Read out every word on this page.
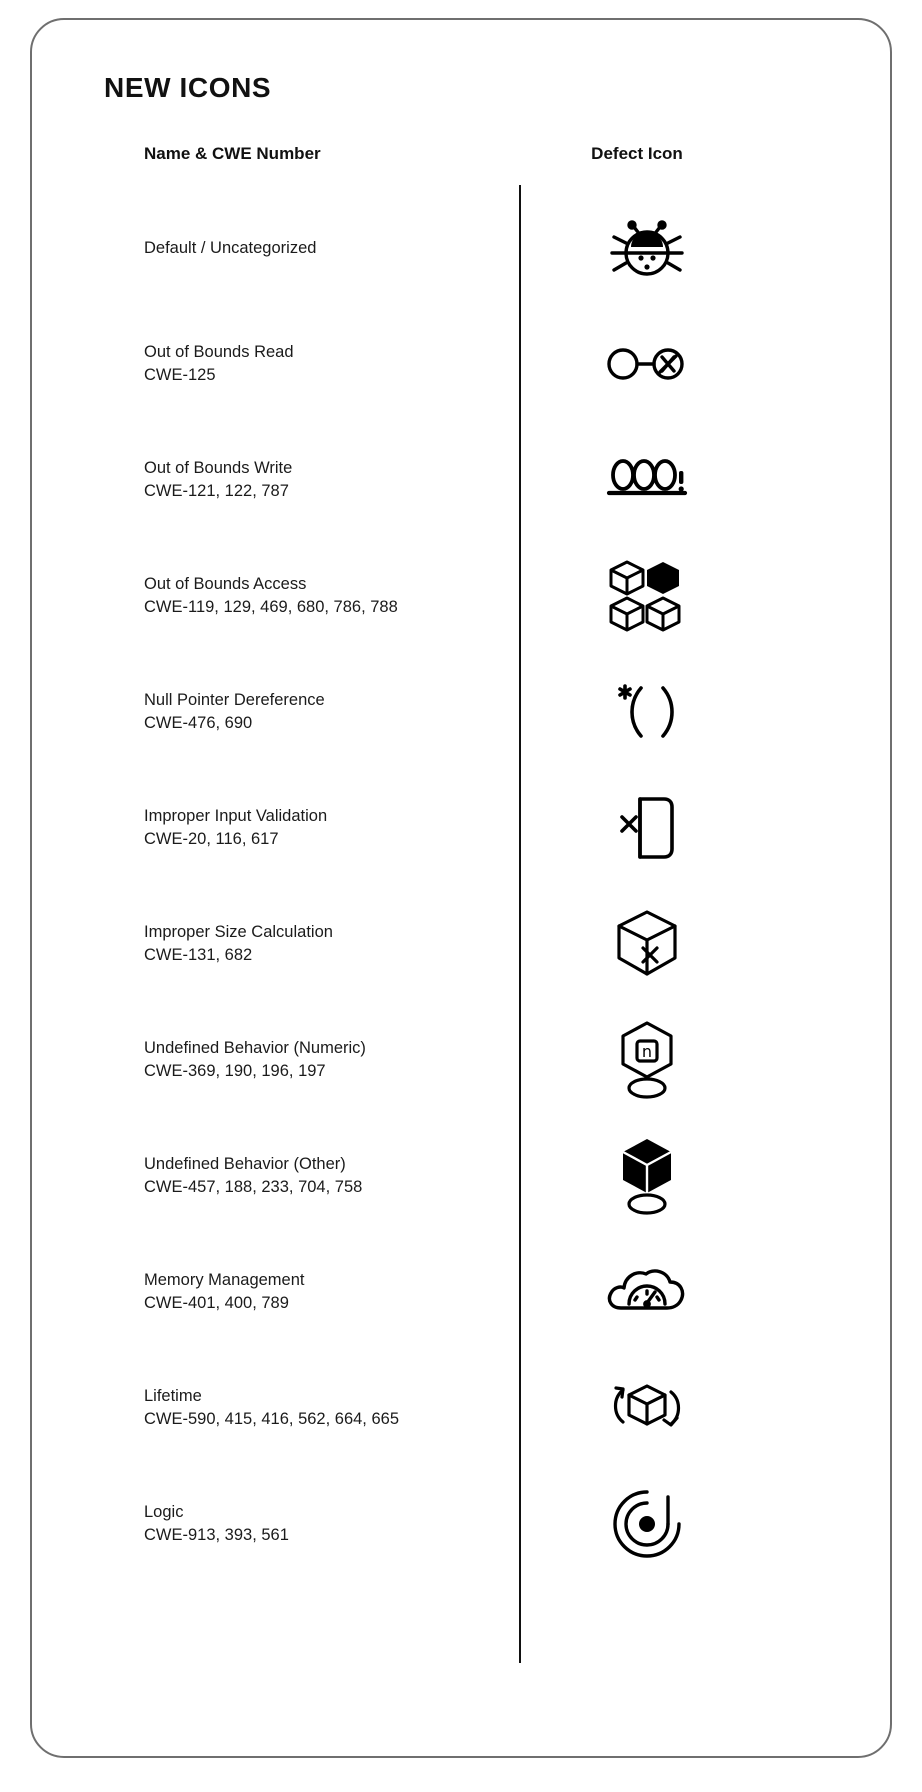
NEW ICONS
Name & CWE Number	Defect Icon
Default / Uncategorized
Out of Bounds Read
CWE-125
Out of Bounds Write
CWE-121, 122, 787
Out of Bounds Access
CWE-119, 129, 469, 680, 786, 788
Null Pointer Dereference
CWE-476, 690
Improper Input Validation
CWE-20, 116, 617
Improper Size Calculation
CWE-131, 682
Undefined Behavior (Numeric)
CWE-369, 190, 196, 197
n
Undefined Behavior (Other)
CWE-457, 188, 233, 704, 758
Memory Management
CWE-401, 400, 789
Lifetime
CWE-590, 415, 416, 562, 664, 665
Logic
CWE-913, 393, 561
